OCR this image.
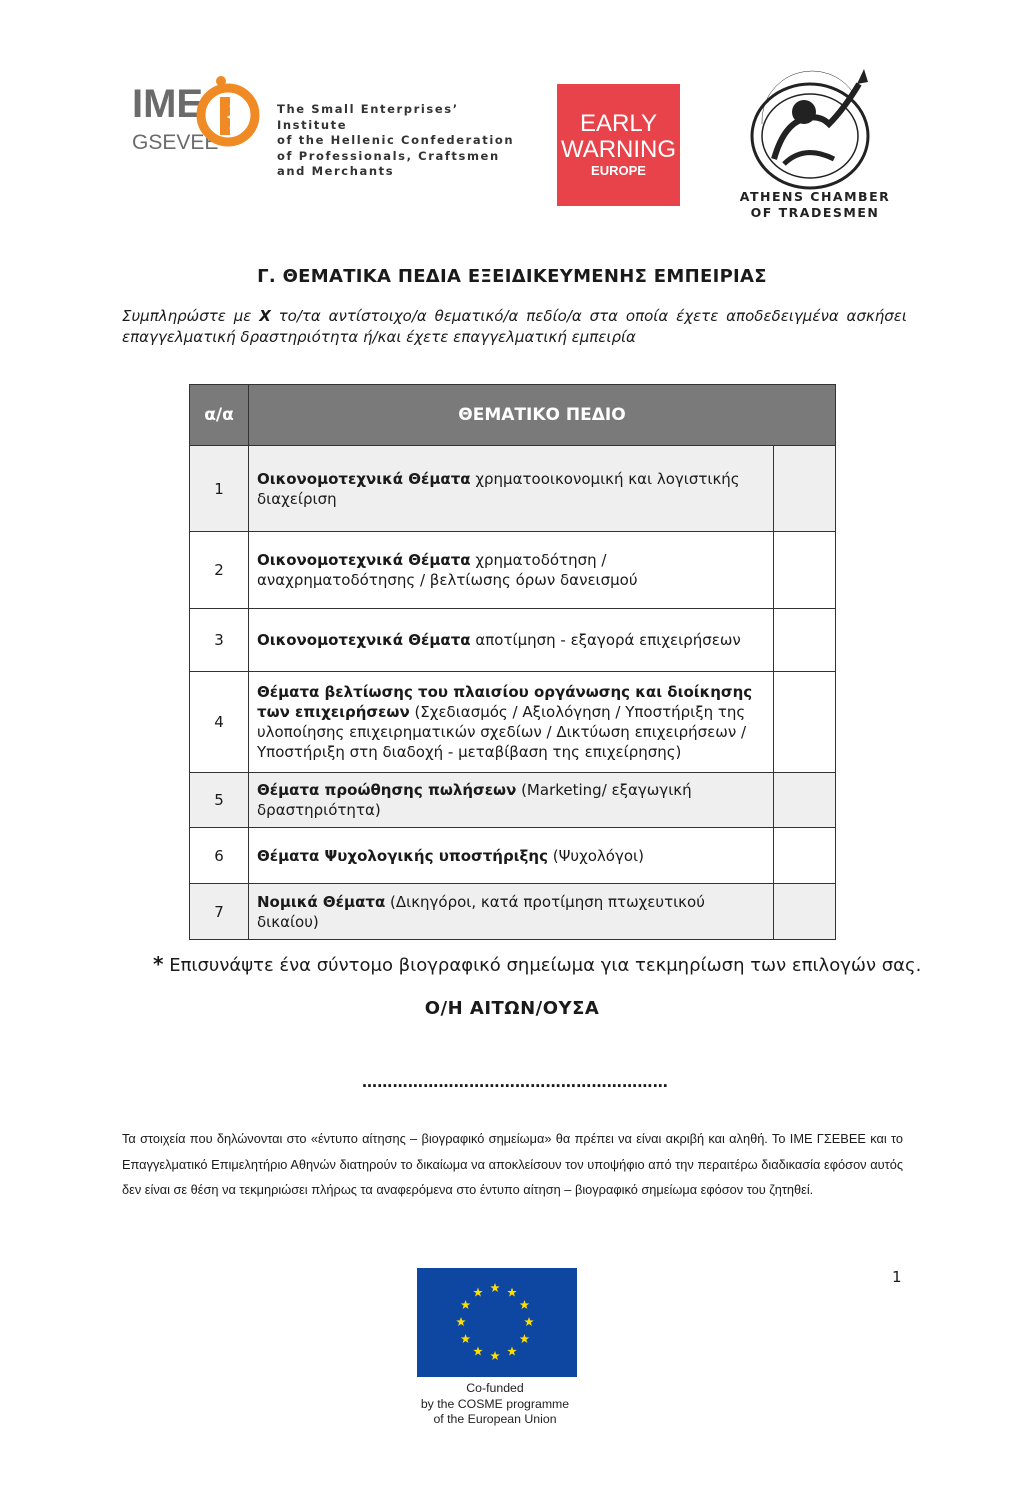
IME
GSEVEE
The Small Enterprises’
Institute
of the Hellenic Confederation
of Professionals, Craftsmen
and Merchants
EARLY
WARNING
EUROPE
ATHENS CHAMBER
OF TRADESMEN
Γ. ΘΕΜΑΤΙΚΑ ΠΕΔΙΑ ΕΞΕΙΔΙΚΕΥΜΕΝΗΣ ΕΜΠΕΙΡΙΑΣ
Συμπληρώστε με Χ το/τα αντίστοιχο/α θεματικό/α πεδίο/α στα οποία έχετε αποδεδειγμένα ασκήσει επαγγελματική δραστηριότητα ή/και έχετε επαγγελματική εμπειρία
α/α	ΘΕΜΑΤΙΚΟ ΠΕΔΙΟ	
1	Οικονομοτεχνικά Θέματα χρηματοοικονομική και λογιστικής διαχείριση	
2	Οικονομοτεχνικά Θέματα χρηματοδότηση / αναχρηματοδότησης / βελτίωσης όρων δανεισμού	
3	Οικονομοτεχνικά Θέματα αποτίμηση - εξαγορά επιχειρήσεων	
4	Θέματα βελτίωσης του πλαισίου οργάνωσης και διοίκησης των επιχειρήσεων (Σχεδιασμός / Αξιολόγηση / Υποστήριξη της υλοποίησης επιχειρηματικών σχεδίων / Δικτύωση επιχειρήσεων / Υποστήριξη στη διαδοχή - μεταβίβαση της επιχείρησης)	
5	Θέματα προώθησης πωλήσεων (Marketing/ εξαγωγική δραστηριότητα)	
6	Θέματα Ψυχολογικής υποστήριξης (Ψυχολόγοι)	
7	Νομικά Θέματα (Δικηγόροι, κατά προτίμηση πτωχευτικού δικαίου)	
* Επισυνάψτε ένα σύντομο βιογραφικό σημείωμα για τεκμηρίωση των επιλογών σας.
Ο/Η ΑΙΤΩΝ/ΟΥΣΑ
……………………………………………………

Τα στοιχεία που δηλώνονται στο «έντυπο αίτησης – βιογραφικό σημείωμα» θα πρέπει να είναι ακριβή και αληθή. Το ΙΜΕ ΓΣΕΒΕΕ και το Επαγγελματικό Επιμελητήριο Αθηνών διατηρούν το δικαίωμα να αποκλείσουν τον υποψήφιο από την περαιτέρω διαδικασία εφόσον αυτός δεν είναι σε θέση να τεκμηριώσει πλήρως τα αναφερόμενα στο έντυπο αίτηση – βιογραφικό σημείωμα εφόσον του ζητηθεί.

1
Co-funded
by the COSME programme
of the European Union
